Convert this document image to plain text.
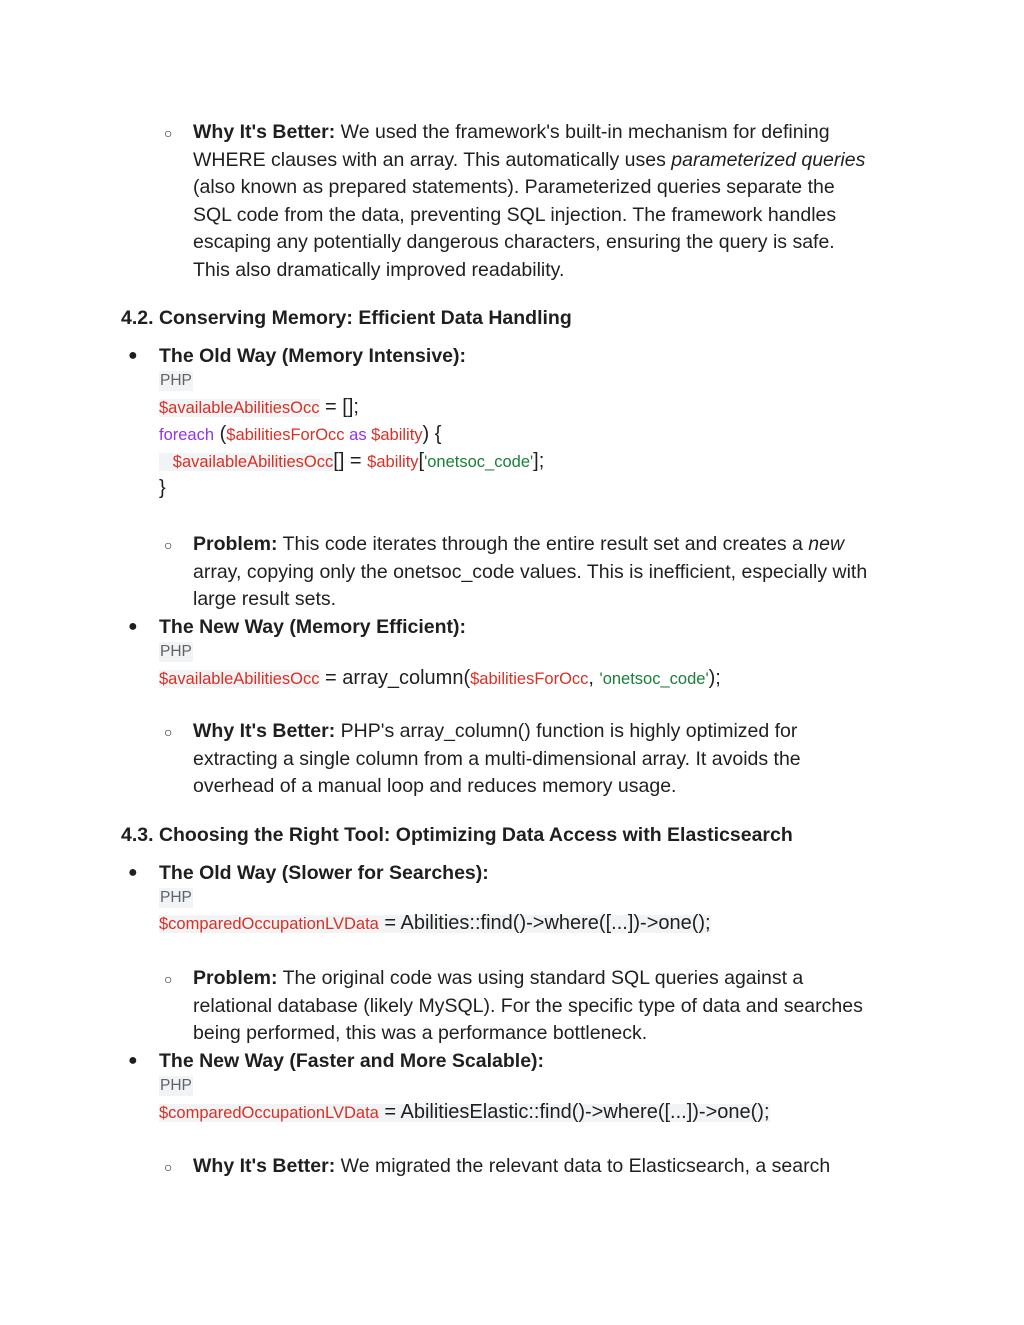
○ Why It's Better: We used the framework's built-in mechanism for defining
WHERE clauses with an array. This automatically uses parameterized queries
(also known as prepared statements). Parameterized queries separate the
SQL code from the data, preventing SQL injection. The framework handles
escaping any potentially dangerous characters, ensuring the query is safe.
This also dramatically improved readability.
4.2. Conserving Memory: Efficient Data Handling
● The Old Way (Memory Intensive):
PHP
$availableAbilitiesOcc = [];
foreach ($abilitiesForOcc as $ability) {
$availableAbilitiesOcc[] = $ability['onetsoc_code'];
}
○ Problem: This code iterates through the entire result set and creates a new
array, copying only the onetsoc_code values. This is inefficient, especially with
large result sets.
● The New Way (Memory Efficient):
PHP
$availableAbilitiesOcc = array_column($abilitiesForOcc, 'onetsoc_code');
○ Why It's Better: PHP's array_column() function is highly optimized for
extracting a single column from a multi-dimensional array. It avoids the
overhead of a manual loop and reduces memory usage.
4.3. Choosing the Right Tool: Optimizing Data Access with Elasticsearch
● The Old Way (Slower for Searches):
PHP
$comparedOccupationLVData = Abilities::find()->where([...])->one();
○ Problem: The original code was using standard SQL queries against a
relational database (likely MySQL). For the specific type of data and searches
being performed, this was a performance bottleneck.
● The New Way (Faster and More Scalable):
PHP
$comparedOccupationLVData = AbilitiesElastic::find()->where([...])->one();
○ Why It's Better: We migrated the relevant data to Elasticsearch, a search
